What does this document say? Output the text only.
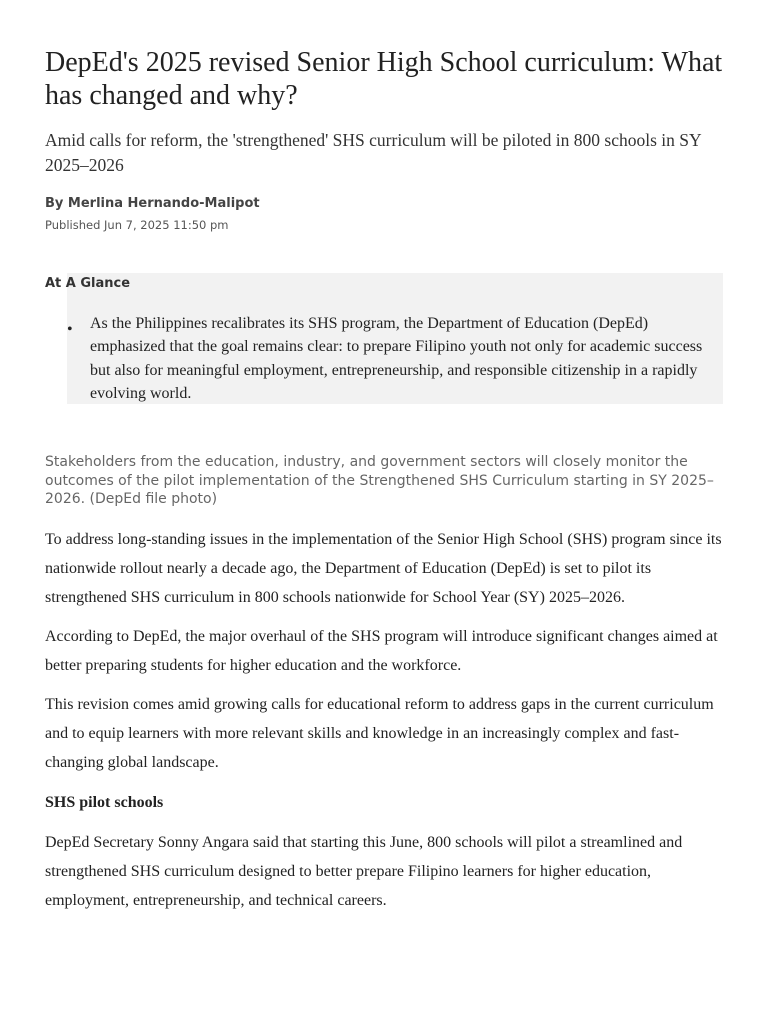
DepEd's 2025 revised Senior High School curriculum: What has changed and why?

Amid calls for reform, the 'strengthened' SHS curriculum will be piloted in 800 schools in SY 2025–2026

By Merlina Hernando-Malipot

Published Jun 7, 2025 11:50 pm

At A Glance

• As the Philippines recalibrates its SHS program, the Department of Education (DepEd) emphasized that the goal remains clear: to prepare Filipino youth not only for academic success but also for meaningful employment, entrepreneurship, and responsible citizenship in a rapidly evolving world.

Stakeholders from the education, industry, and government sectors will closely monitor the outcomes of the pilot implementation of the Strengthened SHS Curriculum starting in SY 2025–2026. (DepEd file photo)

To address long-standing issues in the implementation of the Senior High School (SHS) program since its nationwide rollout nearly a decade ago, the Department of Education (DepEd) is set to pilot its strengthened SHS curriculum in 800 schools nationwide for School Year (SY) 2025–2026.

According to DepEd, the major overhaul of the SHS program will introduce significant changes aimed at better preparing students for higher education and the workforce.

This revision comes amid growing calls for educational reform to address gaps in the current curriculum and to equip learners with more relevant skills and knowledge in an increasingly complex and fast-changing global landscape.

SHS pilot schools

DepEd Secretary Sonny Angara said that starting this June, 800 schools will pilot a streamlined and strengthened SHS curriculum designed to better prepare Filipino learners for higher education, employment, entrepreneurship, and technical careers.
